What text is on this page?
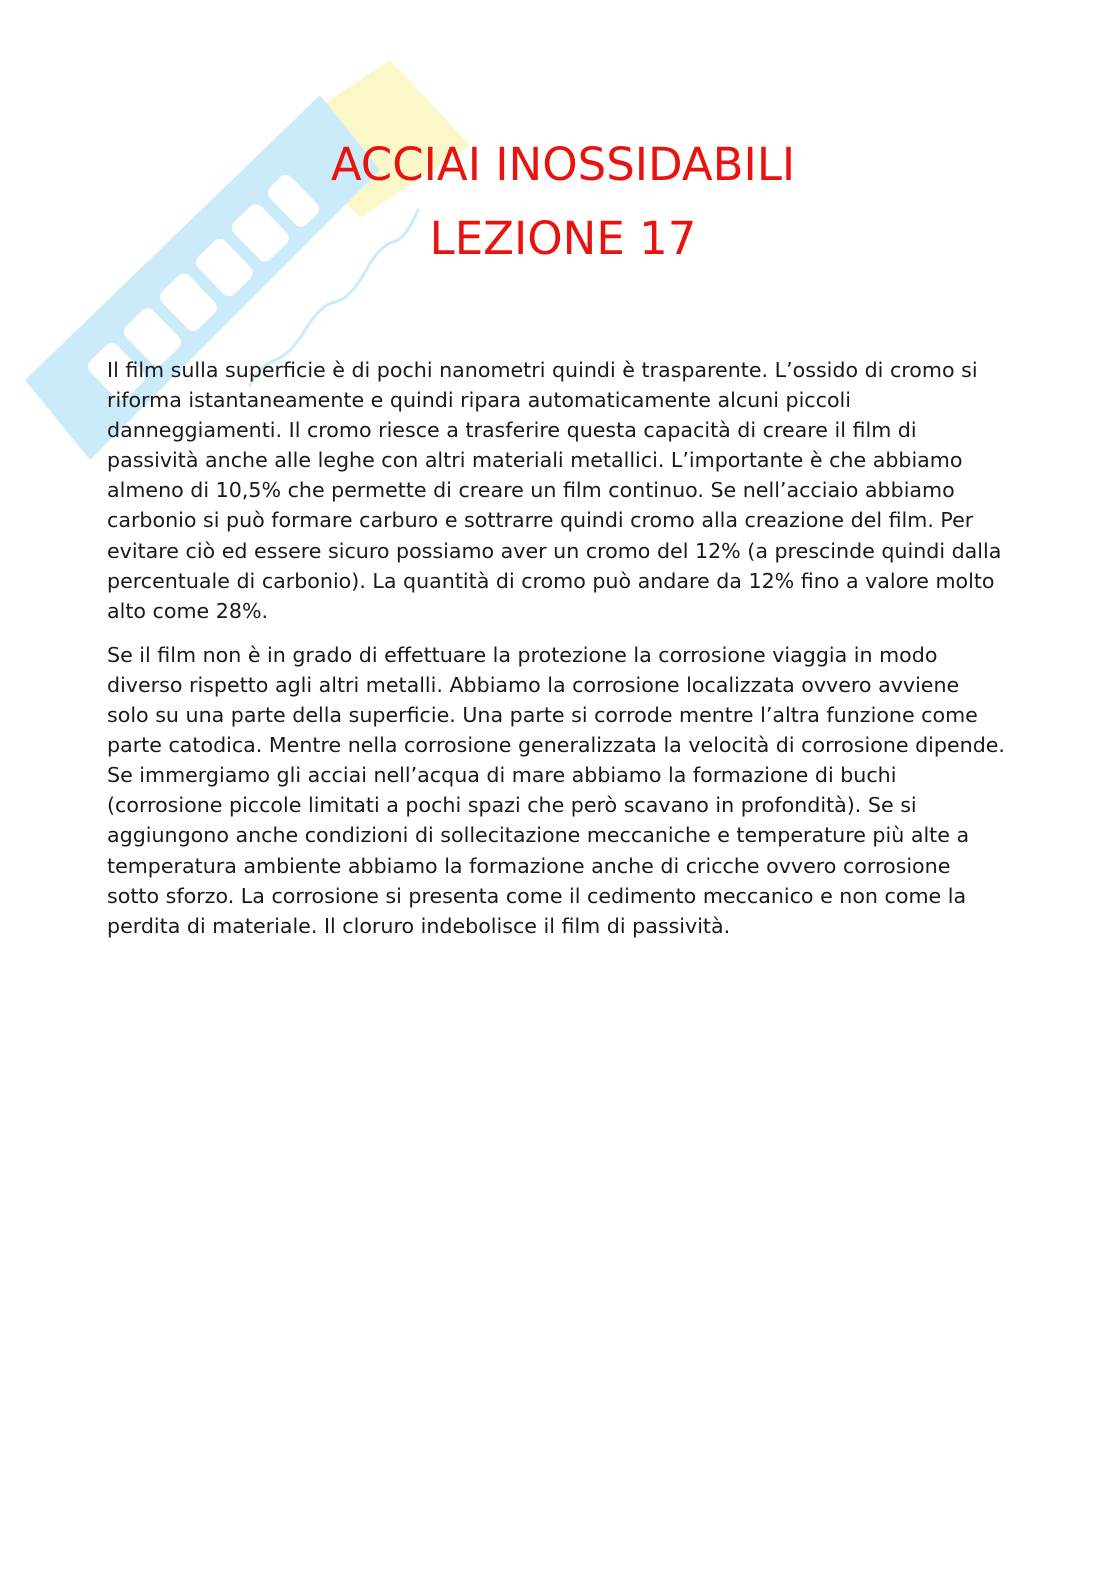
ACCIAI INOSSIDABILI
LEZIONE 17

Il film sulla superficie è di pochi nanometri quindi è trasparente. L’ossido di cromo si riforma istantaneamente e quindi ripara automaticamente alcuni piccoli danneggiamenti. Il cromo riesce a trasferire questa capacità di creare il film di passività anche alle leghe con altri materiali metallici. L’importante è che abbiamo almeno di 10,5% che permette di creare un film continuo. Se nell’acciaio abbiamo carbonio si può formare carburo e sottrarre quindi cromo alla creazione del film. Per evitare ciò ed essere sicuro possiamo aver un cromo del 12% (a prescinde quindi dalla percentuale di carbonio). La quantità di cromo può andare da 12% fino a valore molto alto come 28%.

Se il film non è in grado di effettuare la protezione la corrosione viaggia in modo diverso rispetto agli altri metalli. Abbiamo la corrosione localizzata ovvero avviene solo su una parte della superficie. Una parte si corrode mentre l’altra funzione come parte catodica. Mentre nella corrosione generalizzata la velocità di corrosione dipende. Se immergiamo gli acciai nell’acqua di mare abbiamo la formazione di buchi (corrosione piccole limitati a pochi spazi che però scavano in profondità). Se si aggiungono anche condizioni di sollecitazione meccaniche e temperature più alte a temperatura ambiente abbiamo la formazione anche di cricche ovvero corrosione sotto sforzo. La corrosione si presenta come il cedimento meccanico e non come la perdita di materiale. Il cloruro indebolisce il film di passività.
